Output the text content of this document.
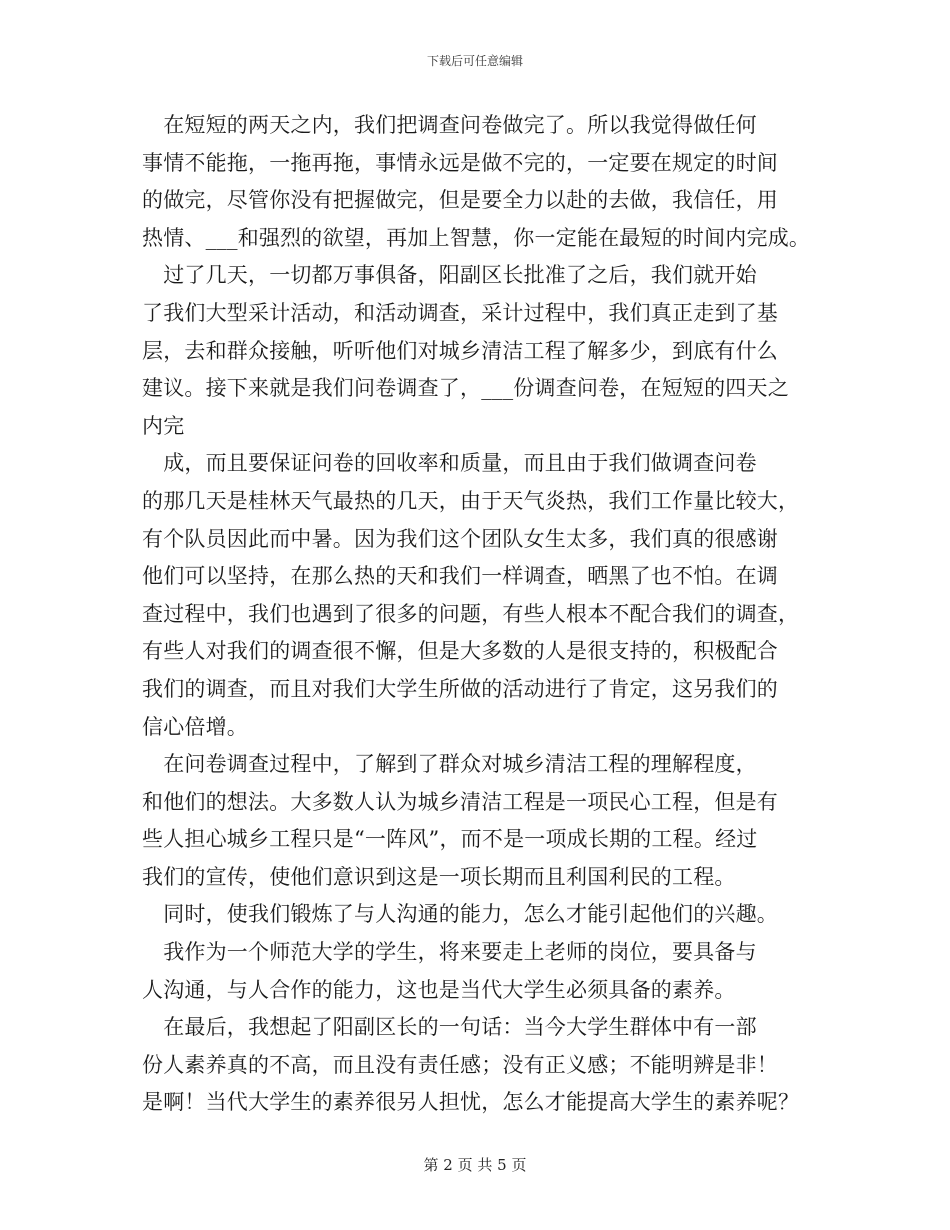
下载后可任意编辑
　在短短的两天之内，我们把调查问卷做完了。所以我觉得做任何
事情不能拖，一拖再拖，事情永远是做不完的，一定要在规定的时间
的做完，尽管你没有把握做完，但是要全力以赴的去做，我信任，用
热情、___和强烈的欲望，再加上智慧，你一定能在最短的时间内完成。
　过了几天，一切都万事俱备，阳副区长批准了之后，我们就开始
了我们大型采计活动，和活动调查，采计过程中，我们真正走到了基
层，去和群众接触，听听他们对城乡清洁工程了解多少，到底有什么
建议。接下来就是我们问卷调查了，___份调查问卷，在短短的四天之
内完
　成，而且要保证问卷的回收率和质量，而且由于我们做调查问卷
的那几天是桂林天气最热的几天，由于天气炎热，我们工作量比较大，
有个队员因此而中暑。因为我们这个团队女生太多，我们真的很感谢
他们可以坚持，在那么热的天和我们一样调查，晒黑了也不怕。在调
查过程中，我们也遇到了很多的问题，有些人根本不配合我们的调查，
有些人对我们的调查很不懈，但是大多数的人是很支持的，积极配合
我们的调查，而且对我们大学生所做的活动进行了肯定，这另我们的
信心倍增。
　在问卷调查过程中，了解到了群众对城乡清洁工程的理解程度，
和他们的想法。大多数人认为城乡清洁工程是一项民心工程，但是有
些人担心城乡工程只是“一阵风”，而不是一项成长期的工程。经过
我们的宣传，使他们意识到这是一项长期而且利国利民的工程。
　同时，使我们锻炼了与人沟通的能力，怎么才能引起他们的兴趣。
　我作为一个师范大学的学生，将来要走上老师的岗位，要具备与
人沟通，与人合作的能力，这也是当代大学生必须具备的素养。
　在最后，我想起了阳副区长的一句话：当今大学生群体中有一部
份人素养真的不高，而且没有责任感；没有正义感；不能明辨是非！
是啊！当代大学生的素养很另人担忧，怎么才能提高大学生的素养呢？
第 2 页 共 5 页
